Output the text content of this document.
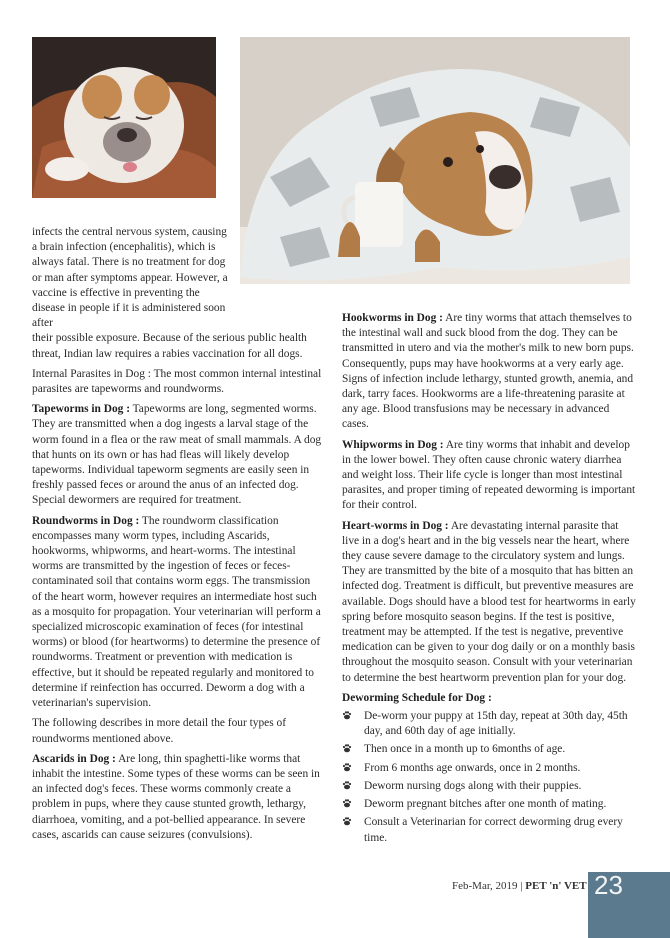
infects the central nervous system, causing a brain infection (encephalitis), which is always fatal. There is no treatment for dog or man after symptoms appear. However, a vaccine is effective in preventing the disease in people if it is administered soon after

their possible exposure. Because of the serious public health threat, Indian law requires a rabies vaccination for all dogs.

Internal Parasites in Dog : The most common internal intestinal parasites are tapeworms and roundworms.

Tapeworms in Dog : Tapeworms are long, segmented worms. They are transmitted when a dog ingests a larval stage of the worm found in a flea or the raw meat of small mammals. A dog that hunts on its own or has had fleas will likely develop tapeworms. Individual tapeworm segments are easily seen in freshly passed feces or around the anus of an infected dog. Special dewormers are required for treatment.

Roundworms in Dog : The roundworm classification encompasses many worm types, including Ascarids, hookworms, whipworms, and heart-worms. The intestinal worms are transmitted by the ingestion of feces or feces-contaminated soil that contains worm eggs. The transmission of the heart worm, however requires an intermediate host such as a mosquito for propagation. Your veterinarian will perform a specialized microscopic examination of feces (for intestinal worms) or blood (for heartworms) to determine the presence of roundworms. Treatment or prevention with medication is effective, but it should be repeated regularly and monitored to determine if reinfection has occurred. Deworm a dog with a veterinarian's supervision.

The following describes in more detail the four types of roundworms mentioned above.

Ascarids in Dog : Are long, thin spaghetti-like worms that inhabit the intestine. Some types of these worms can be seen in an infected dog's feces. These worms commonly create a problem in pups, where they cause stunted growth, lethargy, diarrhoea, vomiting, and a pot-bellied appearance. In severe cases, ascarids can cause seizures (convulsions).

Hookworms in Dog : Are tiny worms that attach themselves to the intestinal wall and suck blood from the dog. They can be transmitted in utero and via the mother's milk to new born pups. Consequently, pups may have hookworms at a very early age. Signs of infection include lethargy, stunted growth, anemia, and dark, tarry faces. Hookworms are a life-threatening parasite at any age. Blood transfusions may be necessary in advanced cases.

Whipworms in Dog : Are tiny worms that inhabit and develop in the lower bowel. They often cause chronic watery diarrhea and weight loss. Their life cycle is longer than most intestinal parasites, and proper timing of repeated deworming is important for their control.

Heart-worms in Dog : Are devastating internal parasite that live in a dog's heart and in the big vessels near the heart, where they cause severe damage to the circulatory system and lungs. They are transmitted by the bite of a mosquito that has bitten an infected dog. Treatment is difficult, but preventive measures are available. Dogs should have a blood test for heartworms in early spring before mosquito season begins. If the test is positive, treatment may be attempted. If the test is negative, preventive medication can be given to your dog daily or on a monthly basis throughout the mosquito season. Consult with your veterinarian to determine the best heartworm prevention plan for your dog.

Deworming Schedule for Dog :

De-worm your puppy at 15th day, repeat at 30th day, 45th day, and 60th day of age initially.
Then once in a month up to 6months of age.
From 6 months age onwards, once in 2 months.
Deworm nursing dogs along with their puppies.
Deworm pregnant bitches after one month of mating.
Consult a Veterinarian for correct deworming drug every time.
Feb-Mar, 2019 | PET 'n' VET 23
